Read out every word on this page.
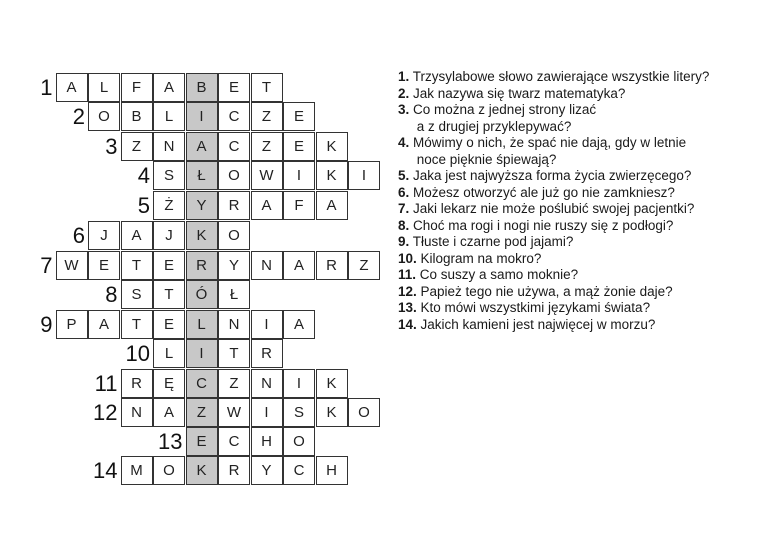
1 A	L	F	A	B	E	T
2 O	B	L	I	C	Z	E
3 Z	N	A	C	Z	E	K
4 S	Ł	O	W	I	K	I
5 Ż	Y	R	A	F	A
6	J	A	J	K	O
7 W	E	T	E	R	Y	N	A	R	Z
8 S	T	Ó	Ł
9 P	A	T	E	L	N	I	A
10 L	I	T	R
11 R	Ę	C	Z	N	I	K
12 N	A	Z	W	I	S	K	O
13 E	C	H	O
14 M	O	K	R	Y	C	H
1. Trzysylabowe słowo zawierające wszystkie litery?
2. Jak nazywa się twarz matematyka?
3. Co można z jednej strony lizać
a z drugiej przyklepywać?
4. Mówimy o nich, że spać nie dają, gdy w letnie
noce pięknie śpiewają?
5. Jaka jest najwyższa forma życia zwierzęcego?
6. Możesz otworzyć ale już go nie zamkniesz?
7. Jaki lekarz nie może poślubić swojej pacjentki?
8. Choć ma rogi i nogi nie ruszy się z podłogi?
9. Tłuste i czarne pod jajami?
10. Kilogram na mokro?
11. Co suszy a samo moknie?
12. Papież tego nie używa, a mąż żonie daje?
13. Kto mówi wszystkimi językami świata?
14. Jakich kamieni jest najwięcej w morzu?
